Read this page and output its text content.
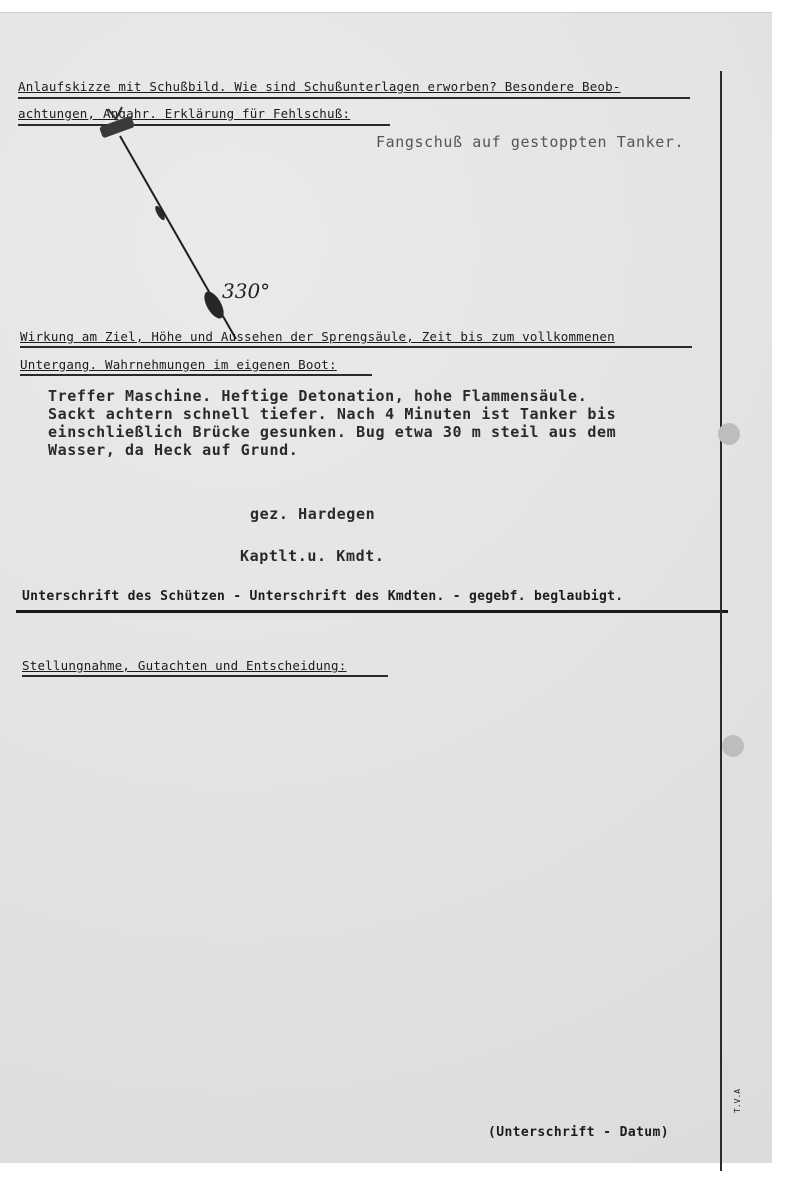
Anlaufskizze mit Schußbild. Wie sind Schußunterlagen erworben? Besondere Beob-
achtungen, Angahr. Erklärung für Fehlschuß:
Fangschuß auf gestoppten Tanker.
330°
Wirkung am Ziel, Höhe und Aussehen der Sprengsäule, Zeit bis zum vollkommenen
Untergang. Wahrnehmungen im eigenen Boot:
Treffer Maschine. Heftige Detonation, hohe Flammensäule.
Sackt achtern schnell tiefer. Nach 4 Minuten ist Tanker bis
einschließlich Brücke gesunken. Bug etwa 30 m steil aus dem
Wasser, da Heck auf Grund.
gez. Hardegen
Kaptlt.u. Kmdt.
Unterschrift des Schützen - Unterschrift des Kmdten. - gegebf. beglaubigt.
Stellungnahme, Gutachten und Entscheidung:
(Unterschrift - Datum)
T.V.A
